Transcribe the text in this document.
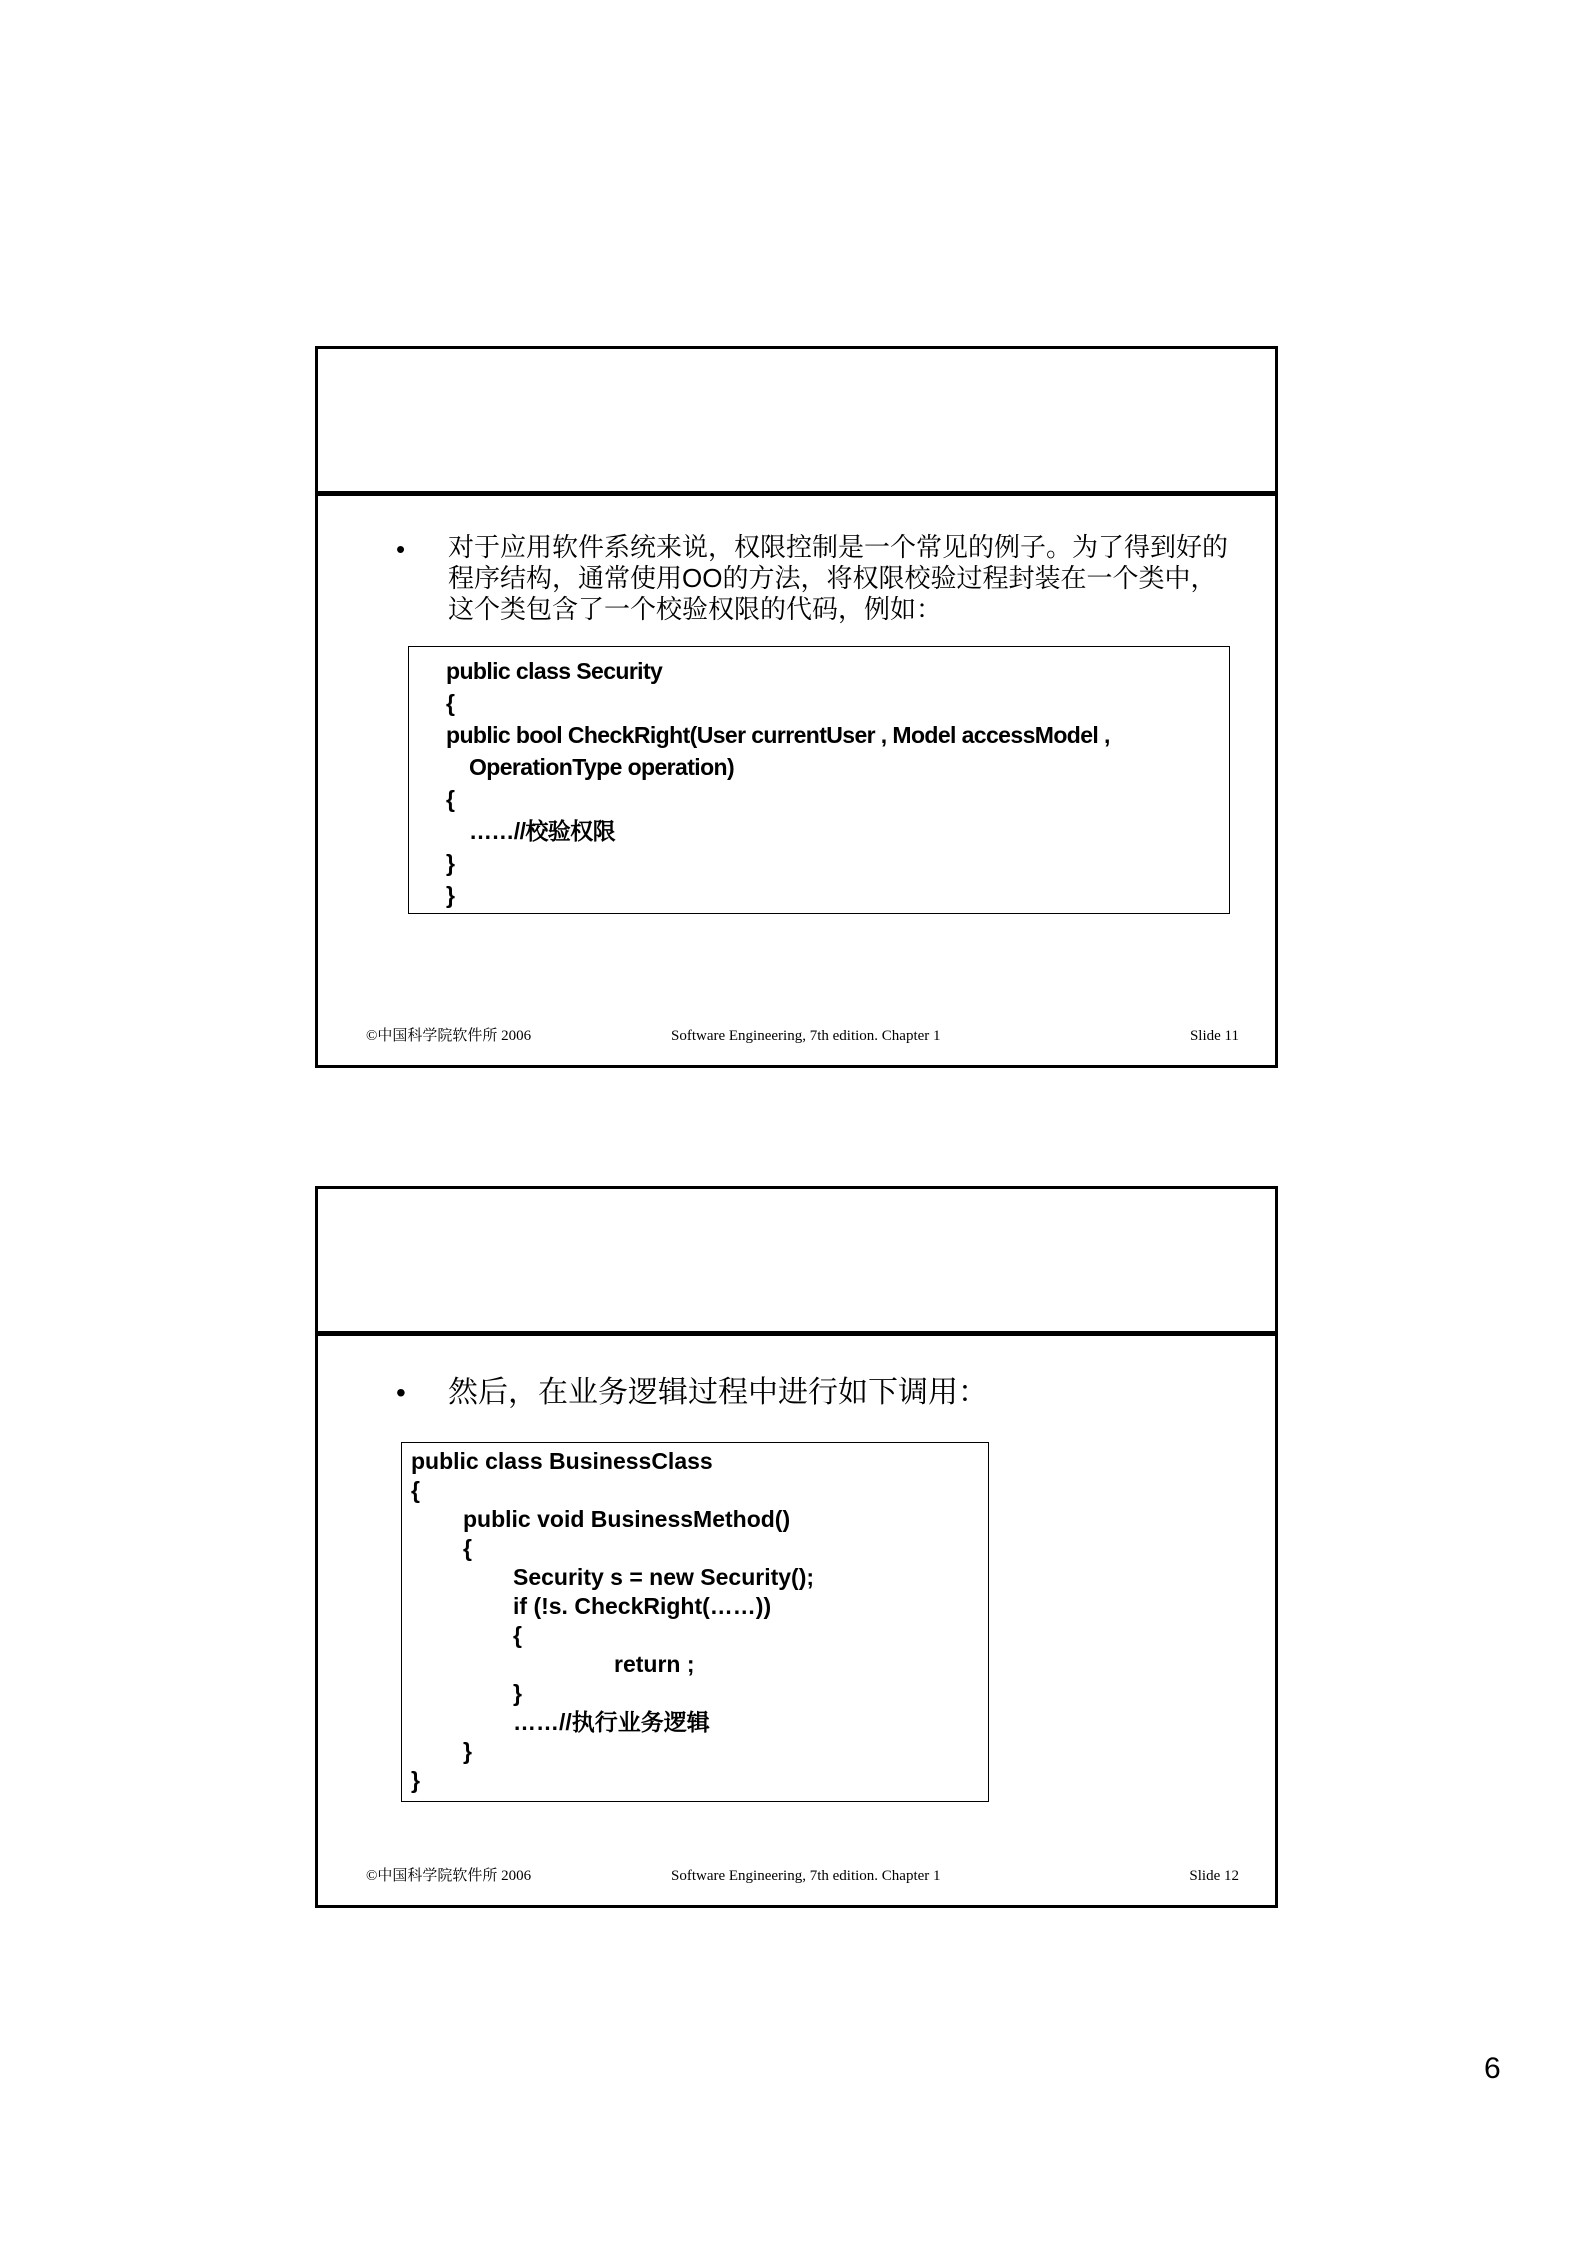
• 对于应用软件系统来说，权限控制是一个常见的例子。为了得到好的程序结构，通常使用OO的方法，将权限校验过程封装在一个类中，这个类包含了一个校验权限的代码，例如：
public class Security
{
public bool CheckRight(User currentUser , Model accessModel ,
OperationType operation)
{
……//校验权限
}
}
©中国科学院软件所 2006	Software Engineering, 7th edition. Chapter 1	Slide 11
• 然后，在业务逻辑过程中进行如下调用：
public class BusinessClass
{
public void BusinessMethod()
{
Security s = new Security();
if (!s. CheckRight(……))
{
return ;
}
……//执行业务逻辑
}
}
©中国科学院软件所 2006	Software Engineering, 7th edition. Chapter 1	Slide 12
6
